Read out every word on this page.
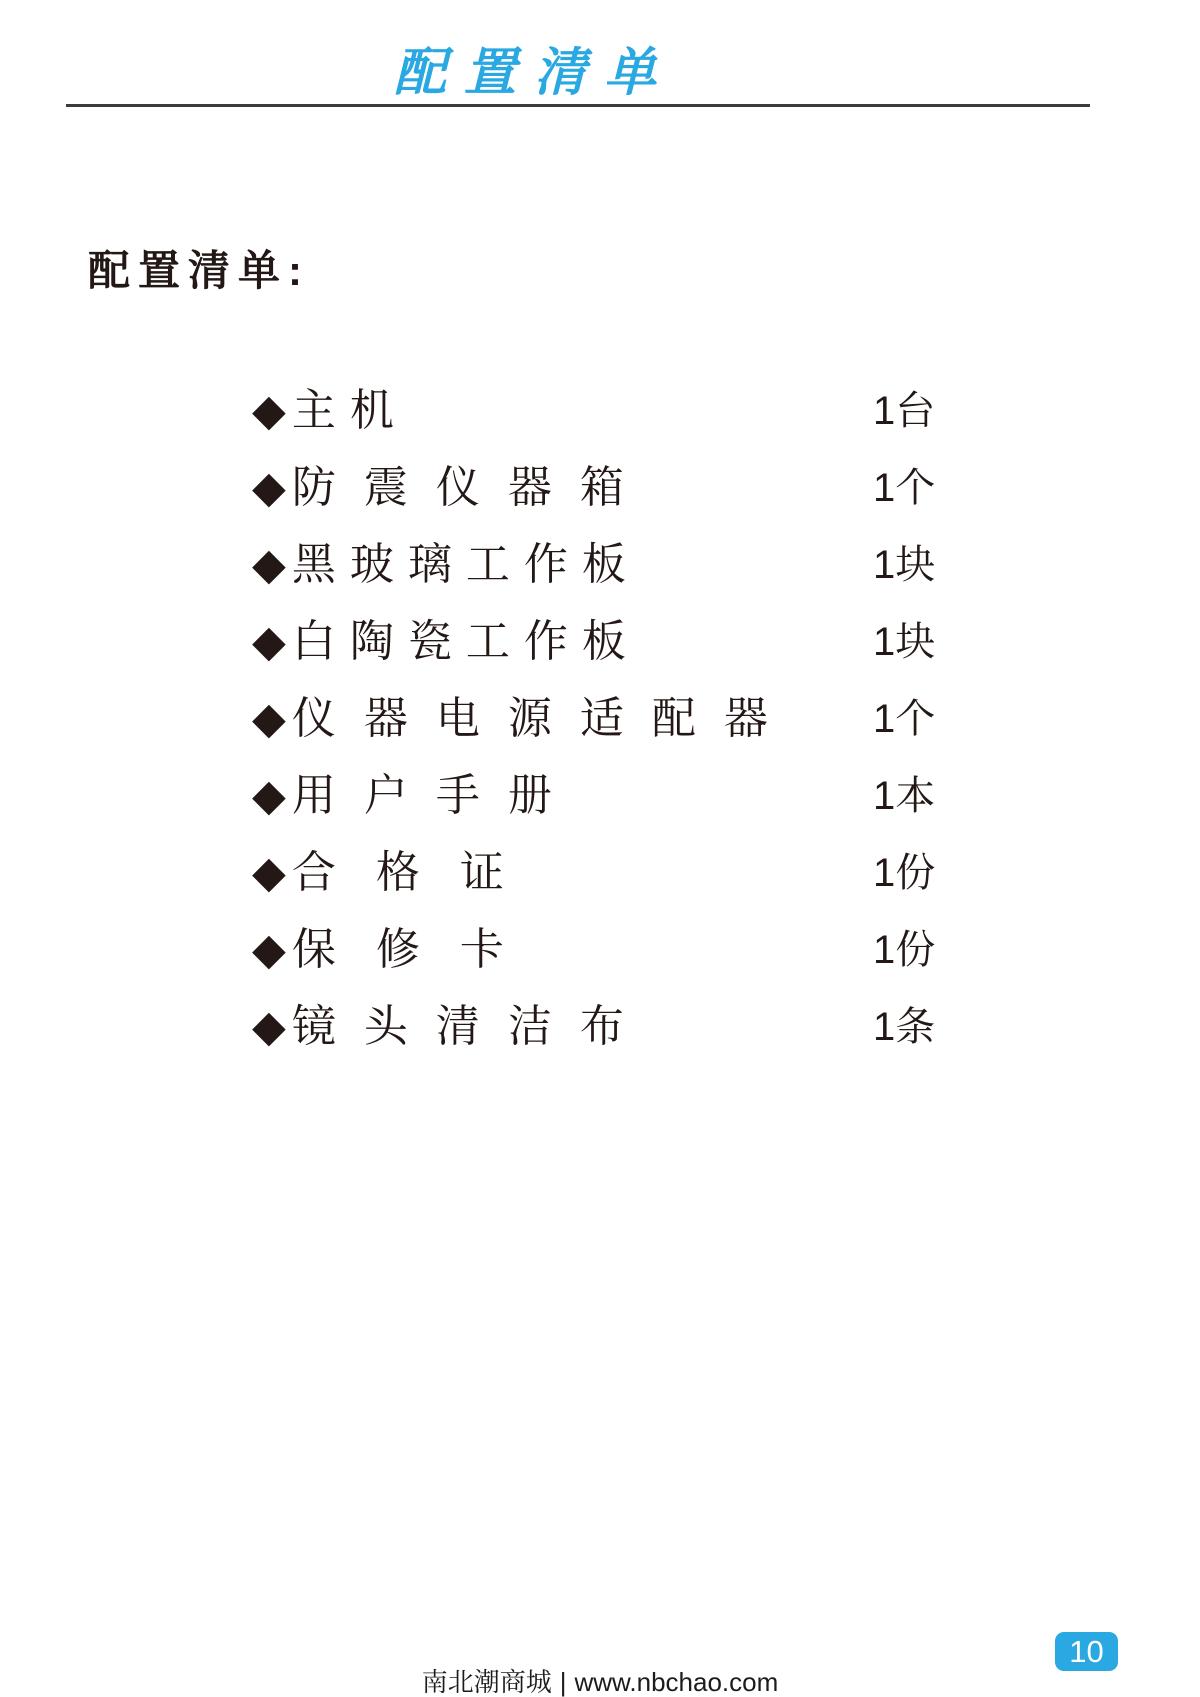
配置清单
配置清单:
◆ 主机	1台
◆ 防震仪器箱	1个
◆ 黑玻璃工作板	1块
◆ 白陶瓷工作板	1块
◆ 仪器电源适配器 1个
◆ 用户手册	1本
◆ 合格证	1份
◆ 保修卡	1份
◆ 镜头清洁布	1条
南北潮商城 | www.nbchao.com
10
